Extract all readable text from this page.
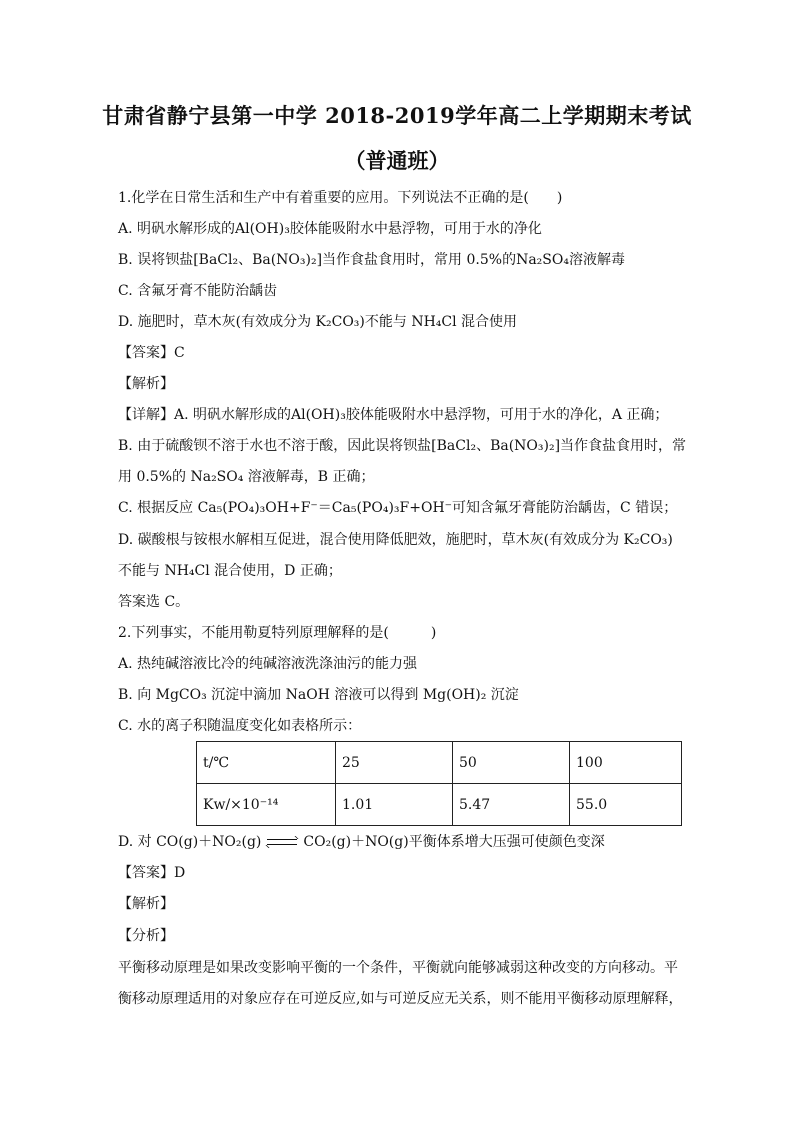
甘肃省静宁县第一中学 2018-2019学年高二上学期期末考试
（普通班）
1.化学在日常生活和生产中有着重要的应用。下列说法不正确的是(　　)
A. 明矾水解形成的Al(OH)₃胶体能吸附水中悬浮物，可用于水的净化
B. 误将钡盐[BaCl₂、Ba(NO₃)₂]当作食盐食用时，常用 0.5%的Na₂SO₄溶液解毒
C. 含氟牙膏不能防治龋齿
D. 施肥时，草木灰(有效成分为 K₂CO₃)不能与 NH₄Cl 混合使用
【答案】C
【解析】
【详解】A. 明矾水解形成的Al(OH)₃胶体能吸附水中悬浮物，可用于水的净化，A 正确；
B. 由于硫酸钡不溶于水也不溶于酸，因此误将钡盐[BaCl₂、Ba(NO₃)₂]当作食盐食用时，常
用 0.5%的 Na₂SO₄ 溶液解毒，B 正确；
C. 根据反应 Ca₅(PO₄)₃OH+F⁻＝Ca₅(PO₄)₃F+OH⁻可知含氟牙膏能防治龋齿，C 错误；
D. 碳酸根与铵根水解相互促进，混合使用降低肥效，施肥时，草木灰(有效成分为 K₂CO₃)
不能与 NH₄Cl 混合使用，D 正确；
答案选 C。
2.下列事实，不能用勒夏特列原理解释的是(　　　)
A. 热纯碱溶液比冷的纯碱溶液洗涤油污的能力强
B. 向 MgCO₃ 沉淀中滴加 NaOH 溶液可以得到 Mg(OH)₂ 沉淀
C. 水的离子积随温度变化如表格所示：
t/℃	25	50	100
Kw/×10⁻¹⁴	1.01	5.47	55.0
D. 对 CO(g)＋NO₂(g)	CO₂(g)＋NO(g)平衡体系增大压强可使颜色变深
【答案】D
【解析】
【分析】
平衡移动原理是如果改变影响平衡的一个条件，平衡就向能够减弱这种改变的方向移动。平
衡移动原理适用的对象应存在可逆反应,如与可逆反应无关系，则不能用平衡移动原理解释，
